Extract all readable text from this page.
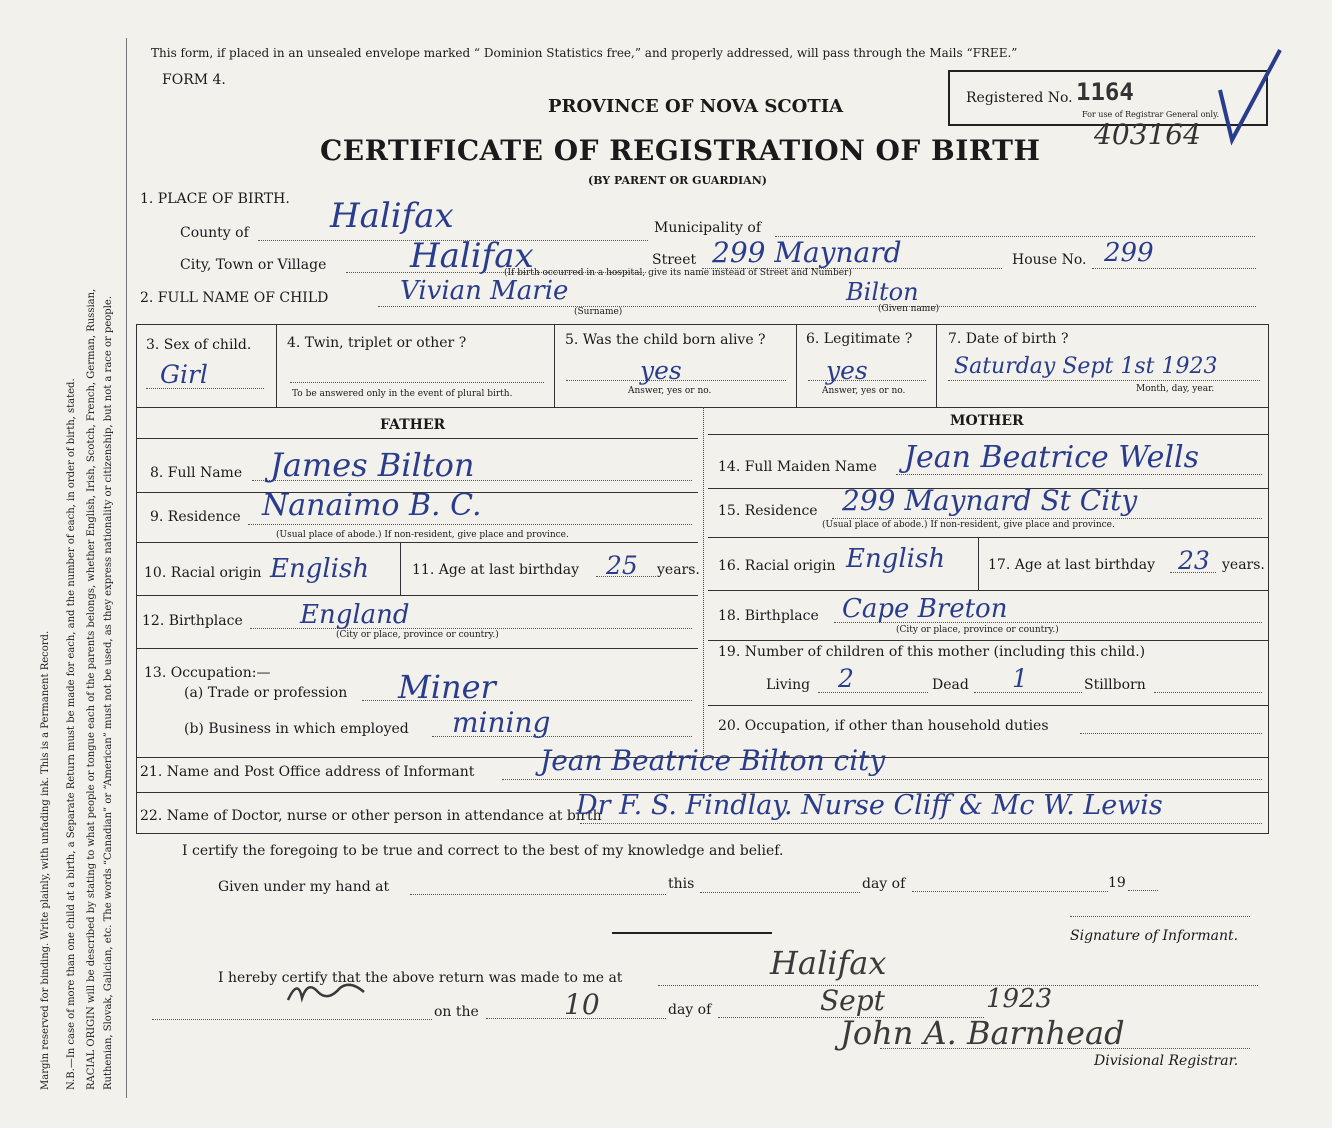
Margin reserved for binding. Write plainly, with unfading ink. This is a Permanent Record. N.B.—In case of more than one child at a birth, a Separate Return must be made for each, and the number of each, in order of birth, stated. RACIAL ORIGIN will be described by stating to what people or tongue each of the parents belongs, whether English, Irish, Scotch, French, German, Russian, Ruthenian, Slovak, Galician, etc. The words “Canadian” or “American” must not be used, as they express nationality or citizenship, but not a race or people.
This form, if placed in an unsealed envelope marked “ Dominion Statistics free,” and properly addressed, will pass through the Mails “FREE.”
FORM 4.
PROVINCE OF NOVA SCOTIA
CERTIFICATE OF REGISTRATION OF BIRTH
(BY PARENT OR GUARDIAN)
Registered No. 1164
For use of Registrar General only.
403164
1. PLACE OF BIRTH.
County of Halifax	Municipality of
City, Town or Village Halifax	Street 299 Maynard
(If birth occurred in a hospital, give its name instead of Street and Number)
House No. 299
2. FULL NAME OF CHILD	Vivian Marie	Bilton
(Surname)	(Given name)
3. Sex of child.
Girl
4. Twin, triplet or other ?
To be answered only in the event of plural birth.
5. Was the child born alive ?
yes
Answer, yes or no.
6. Legitimate ?
yes
Answer, yes or no.
7. Date of birth ?
Saturday Sept 1st 1923
Month, day, year.
FATHER	MOTHER
8. Full Name James Bilton
9. Residence Nanaimo B. C.
(Usual place of abode.) If non-resident, give place and province.
10. Racial origin English	11. Age at last birthday 25 years.
12. Birthplace England
(City or place, province or country.)
13. Occupation:—
(a) Trade or profession Miner
(b) Business in which employed mining
14. Full Maiden Name Jean Beatrice Wells
15. Residence 299 Maynard St City
(Usual place of abode.) If non-resident, give place and province.
16. Racial origin English	17. Age at last birthday 23 years.
18. Birthplace Cape Breton
(City or place, province or country.)
19. Number of children of this mother (including this child.)
Living 2	Dead 1	Stillborn
20. Occupation, if other than household duties
21. Name and Post Office address of Informant Jean Beatrice Bilton city
22. Name of Doctor, nurse or other person in attendance at birth
Dr F. S. Findlay. Nurse Cliff & Mc W. Lewis
I certify the foregoing to be true and correct to the best of my knowledge and belief.
Given under my hand at	this	day of	19
Signature of Informant.
I hereby certify that the above return was made to me at	Halifax
on the	10	day of	Sept	1923
John A. Barnhead
Divisional Registrar.
